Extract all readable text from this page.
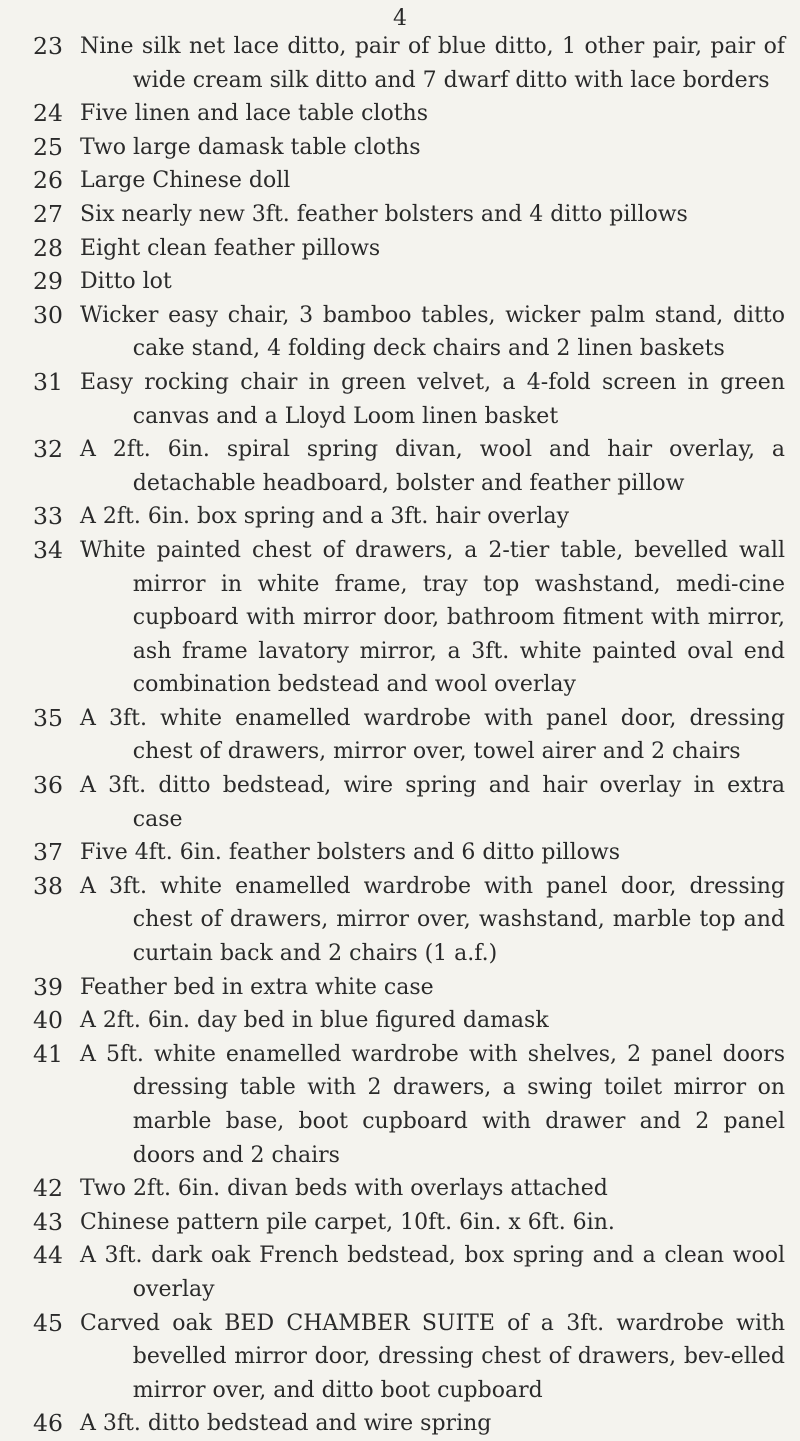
4
23 Nine silk net lace ditto, pair of blue ditto, 1 other pair, pair of wide cream silk ditto and 7 dwarf ditto with lace borders
24 Five linen and lace table cloths
25 Two large damask table cloths
26 Large Chinese doll
27 Six nearly new 3ft. feather bolsters and 4 ditto pillows
28 Eight clean feather pillows
29 Ditto lot
30 Wicker easy chair, 3 bamboo tables, wicker palm stand, ditto cake stand, 4 folding deck chairs and 2 linen baskets
31 Easy rocking chair in green velvet, a 4-fold screen in green canvas and a Lloyd Loom linen basket
32 A 2ft. 6in. spiral spring divan, wool and hair overlay, a detachable headboard, bolster and feather pillow
33 A 2ft. 6in. box spring and a 3ft. hair overlay
34 White painted chest of drawers, a 2-tier table, bevelled wall mirror in white frame, tray top washstand, medi-cine cupboard with mirror door, bathroom fitment with mirror, ash frame lavatory mirror, a 3ft. white painted oval end combination bedstead and wool overlay
35 A 3ft. white enamelled wardrobe with panel door, dressing chest of drawers, mirror over, towel airer and 2 chairs
36 A 3ft. ditto bedstead, wire spring and hair overlay in extra case
37 Five 4ft. 6in. feather bolsters and 6 ditto pillows
38 A 3ft. white enamelled wardrobe with panel door, dressing chest of drawers, mirror over, washstand, marble top and curtain back and 2 chairs (1 a.f.)
39 Feather bed in extra white case
40 A 2ft. 6in. day bed in blue figured damask
41 A 5ft. white enamelled wardrobe with shelves, 2 panel doors dressing table with 2 drawers, a swing toilet mirror on marble base, boot cupboard with drawer and 2 panel doors and 2 chairs
42 Two 2ft. 6in. divan beds with overlays attached
43 Chinese pattern pile carpet, 10ft. 6in. x 6ft. 6in.
44 A 3ft. dark oak French bedstead, box spring and a clean wool overlay
45 Carved oak BED CHAMBER SUITE of a 3ft. wardrobe with bevelled mirror door, dressing chest of drawers, bev-elled mirror over, and ditto boot cupboard
46 A 3ft. ditto bedstead and wire spring
